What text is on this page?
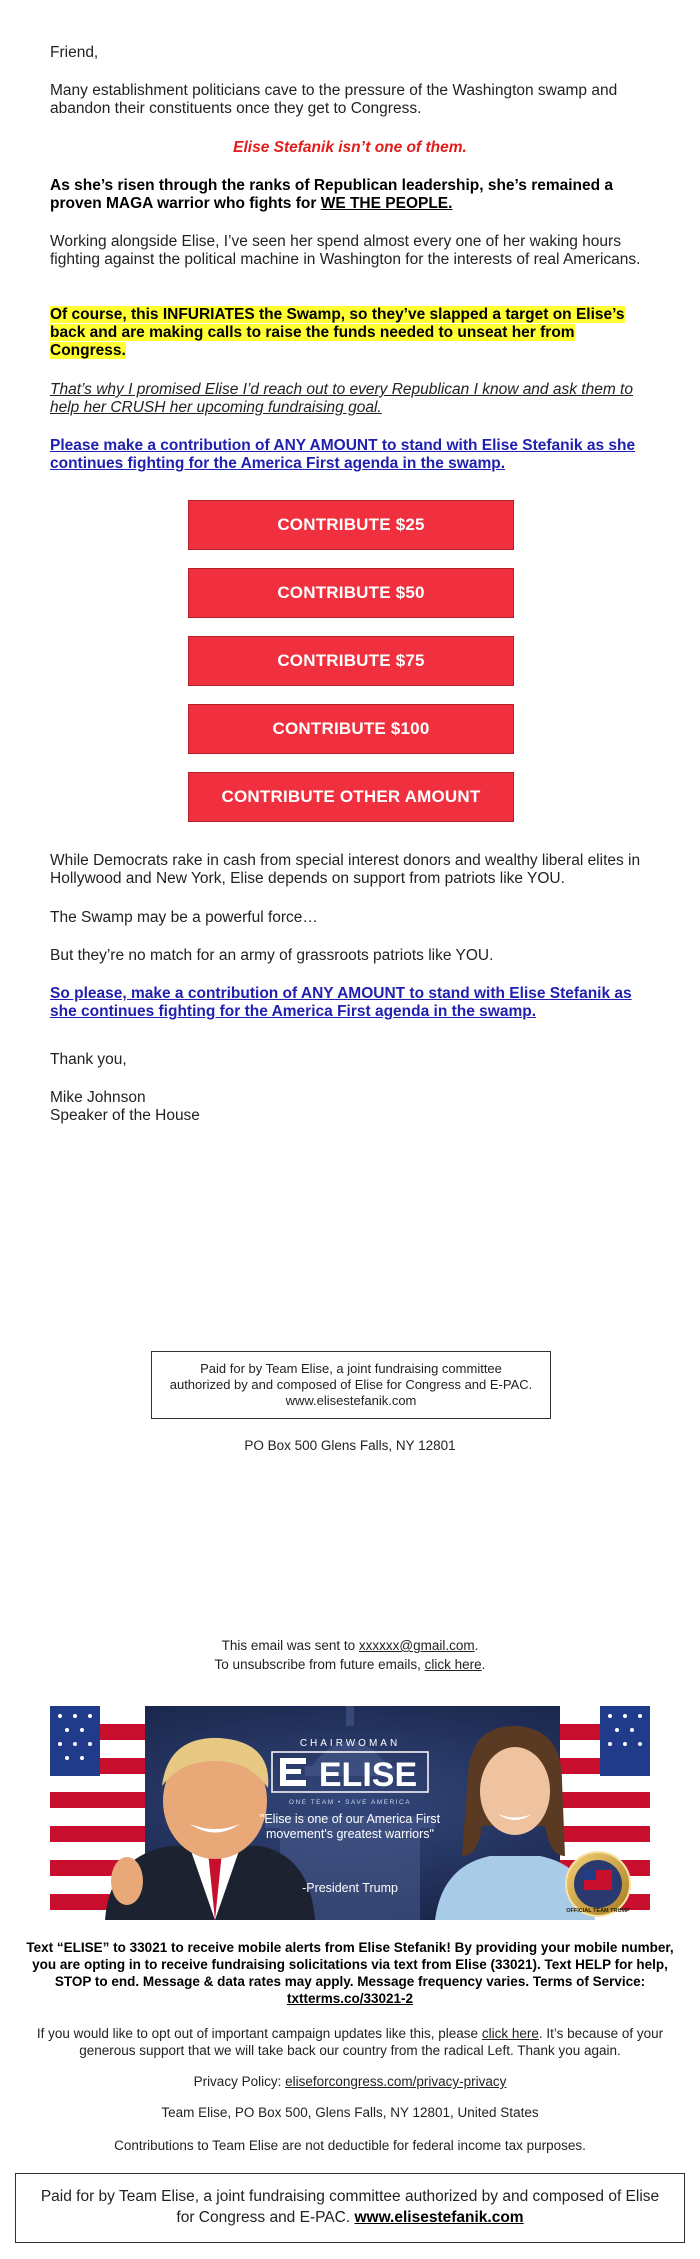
Friend,

Many establishment politicians cave to the pressure of the Washington swamp and abandon their constituents once they get to Congress.

Elise Stefanik isn’t one of them.

As she’s risen through the ranks of Republican leadership, she’s remained a proven MAGA warrior who fights for WE THE PEOPLE.

Working alongside Elise, I’ve seen her spend almost every one of her waking hours fighting against the political machine in Washington for the interests of real Americans.

Of course, this INFURIATES the Swamp, so they’ve slapped a target on Elise’s back and are making calls to raise the funds needed to unseat her from Congress.

That’s why I promised Elise I’d reach out to every Republican I know and ask them to help her CRUSH her upcoming fundraising goal.

Please make a contribution of ANY AMOUNT to stand with Elise Stefanik as she continues fighting for the America First agenda in the swamp.
CONTRIBUTE $25
CONTRIBUTE $50
CONTRIBUTE $75
CONTRIBUTE $100
CONTRIBUTE OTHER AMOUNT

While Democrats rake in cash from special interest donors and wealthy liberal elites in Hollywood and New York, Elise depends on support from patriots like YOU.

The Swamp may be a powerful force…

But they’re no match for an army of grassroots patriots like YOU.

So please, make a contribution of ANY AMOUNT to stand with Elise Stefanik as she continues fighting for the America First agenda in the swamp.

Thank you,

Mike Johnson

Speaker of the House

Paid for by Team Elise, a joint fundraising committee authorized by and composed of Elise for Congress and E-PAC. www.elisestefanik.com

PO Box 500 Glens Falls, NY 12801

This email was sent to xxxxxx@gmail.com.

To unsubscribe from future emails, click here.

OFFICIAL TEAM TRUMP
CHAIRWOMAN
ELISE
ONE TEAM • SAVE AMERICA
"Elise is one of our America First movement's greatest warriors"
-President Trump

Text “ELISE” to 33021 to receive mobile alerts from Elise Stefanik! By providing your mobile number, you are opting in to receive fundraising solicitations via text from Elise (33021). Text HELP for help, STOP to end. Message & data rates may apply. Message frequency varies. Terms of Service: txtterms.co/33021-2

If you would like to opt out of important campaign updates like this, please click here. It’s because of your generous support that we will take back our country from the radical Left. Thank you again.

Privacy Policy: eliseforcongress.com/privacy-privacy

Team Elise, PO Box 500, Glens Falls, NY 12801, United States

Contributions to Team Elise are not deductible for federal income tax purposes.

Paid for by Team Elise, a joint fundraising committee authorized by and composed of Elise for Congress and E-PAC. www.elisestefanik.com
